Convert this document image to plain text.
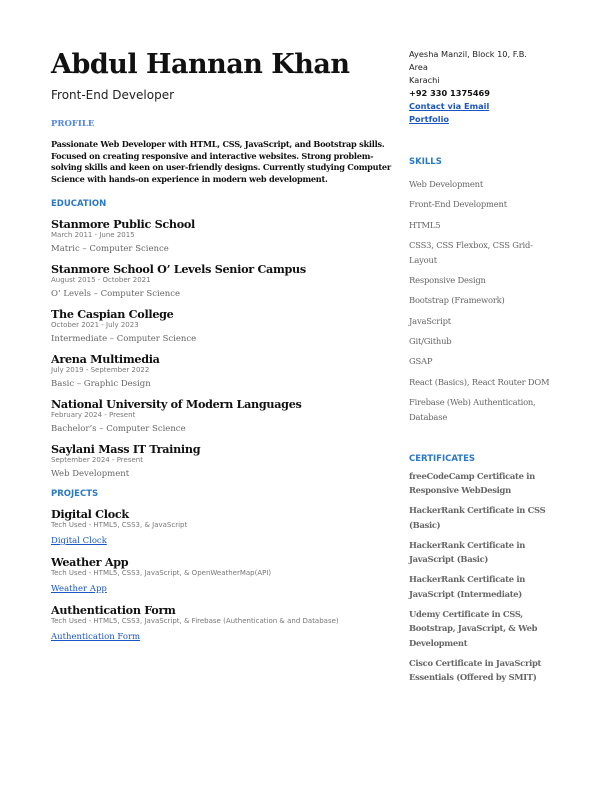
Abdul Hannan Khan
Front-End Developer
PROFILE

Passionate Web Developer with HTML, CSS, JavaScript, and Bootstrap skills. Focused on creating responsive and interactive websites. Strong problem-solving skills and keen on user-friendly designs. Currently studying Computer Science with hands-on experience in modern web development.

EDUCATION
Stanmore Public School
March 2011 - June 2015
Matric – Computer Science
Stanmore School O’ Levels Senior Campus
August 2015 - October 2021
O’ Levels – Computer Science
The Caspian College
October 2021 - July 2023
Intermediate – Computer Science
Arena Multimedia
July 2019 - September 2022
Basic – Graphic Design
National University of Modern Languages
February 2024 - Present
Bachelor’s – Computer Science
Saylani Mass IT Training
September 2024 - Present
Web Development
PROJECTS
Digital Clock
Tech Used - HTML5, CSS3, & JavaScript
Digital Clock
Weather App
Tech Used - HTML5, CSS3, JavaScript, & OpenWeatherMap(API)
Weather App
Authentication Form
Tech Used - HTML5, CSS3, JavaScript, & Firebase (Authentication & and Database)
Authentication Form
Ayesha Manzil, Block 10, F.B.
Area
Karachi
+92 330 1375469
Contact via Email
Portfolio
SKILLS
Web Development
Front-End Development
HTML5
CSS3, CSS Flexbox, CSS Grid-Layout
Responsive Design
Bootstrap (Framework)
JavaScript
Git/Github
GSAP
React (Basics), React Router DOM
Firebase (Web) Authentication, Database
CERTIFICATES
freeCodeCamp Certificate in Responsive WebDesign
HackerRank Certificate in CSS (Basic)
HackerRank Certificate in JavaScript (Basic)
HackerRank Certificate in JavaScript (Intermediate)
Udemy Certificate in CSS, Bootstrap, JavaScript, & Web Development
Cisco Certificate in JavaScript Essentials (Offered by SMIT)
